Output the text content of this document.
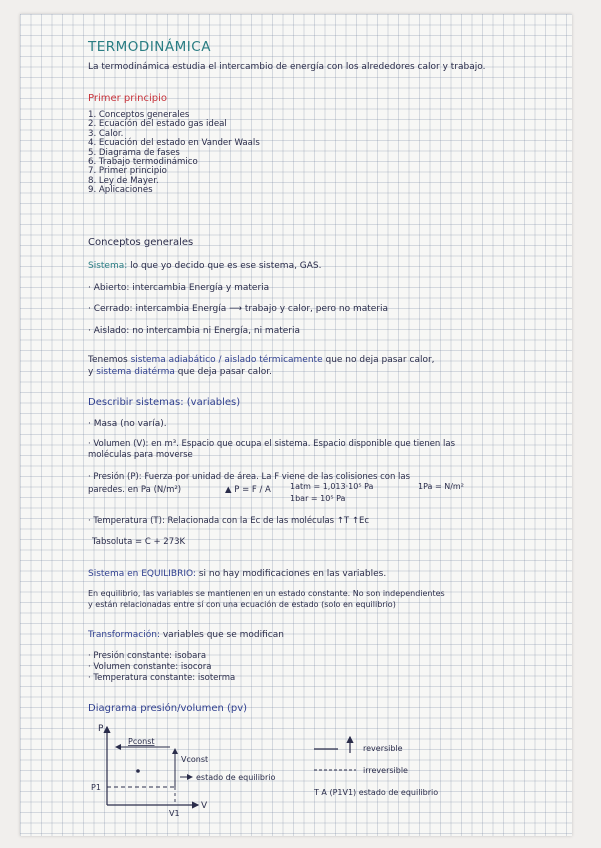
TERMODINÁMICA
La termodinámica estudia el intercambio de energía con los alrededores calor y trabajo.
Primer principio
1. Conceptos generales
2. Ecuación del estado gas ideal
3. Calor.
4. Ecuación del estado en Vander Waals
5. Diagrama de fases
6. Trabajo termodinámico
7. Primer principio
8. Ley de Mayer.
9. Aplicaciones
Conceptos generales
Sistema: lo que yo decido que es ese sistema, GAS.
· Abierto: intercambia Energía y materia
· Cerrado: intercambia Energía ⟶ trabajo y calor, pero no materia
· Aislado: no intercambia ni Energía, ni materia
Tenemos sistema adiabático / aislado térmicamente que no deja pasar calor,
y sistema diatérma que deja pasar calor.
Describir sistemas: (variables)
· Masa (no varía).
· Volumen (V): en m³. Espacio que ocupa el sistema. Espacio disponible que tienen las
moléculas para moverse
· Presión (P): Fuerza por unidad de área. La F viene de las colisiones con las
paredes. en Pa (N/m²)	▲ P = F / A 1atm = 1,013·10⁵ Pa
1bar = 10⁵ Pa
1Pa = N/m²
· Temperatura (T): Relacionada con la Ec de las moléculas ↑T ↑Ec
Tabsoluta = C + 273K
Sistema en EQUILIBRIO: si no hay modificaciones en las variables.
En equilibrio, las variables se mantienen en un estado constante. No son independientes
y están relacionadas entre sí con una ecuación de estado (solo en equilibrio)
Transformación: variables que se modifican
· Presión constante: isobara
· Volumen constante: isocora
· Temperatura constante: isoterma
Diagrama presión/volumen (pv)
P
V
Pconst
Vconst
estado de equilibrio
P1
V1
reversible
irreversible
T A (P1V1) estado de equilibrio
